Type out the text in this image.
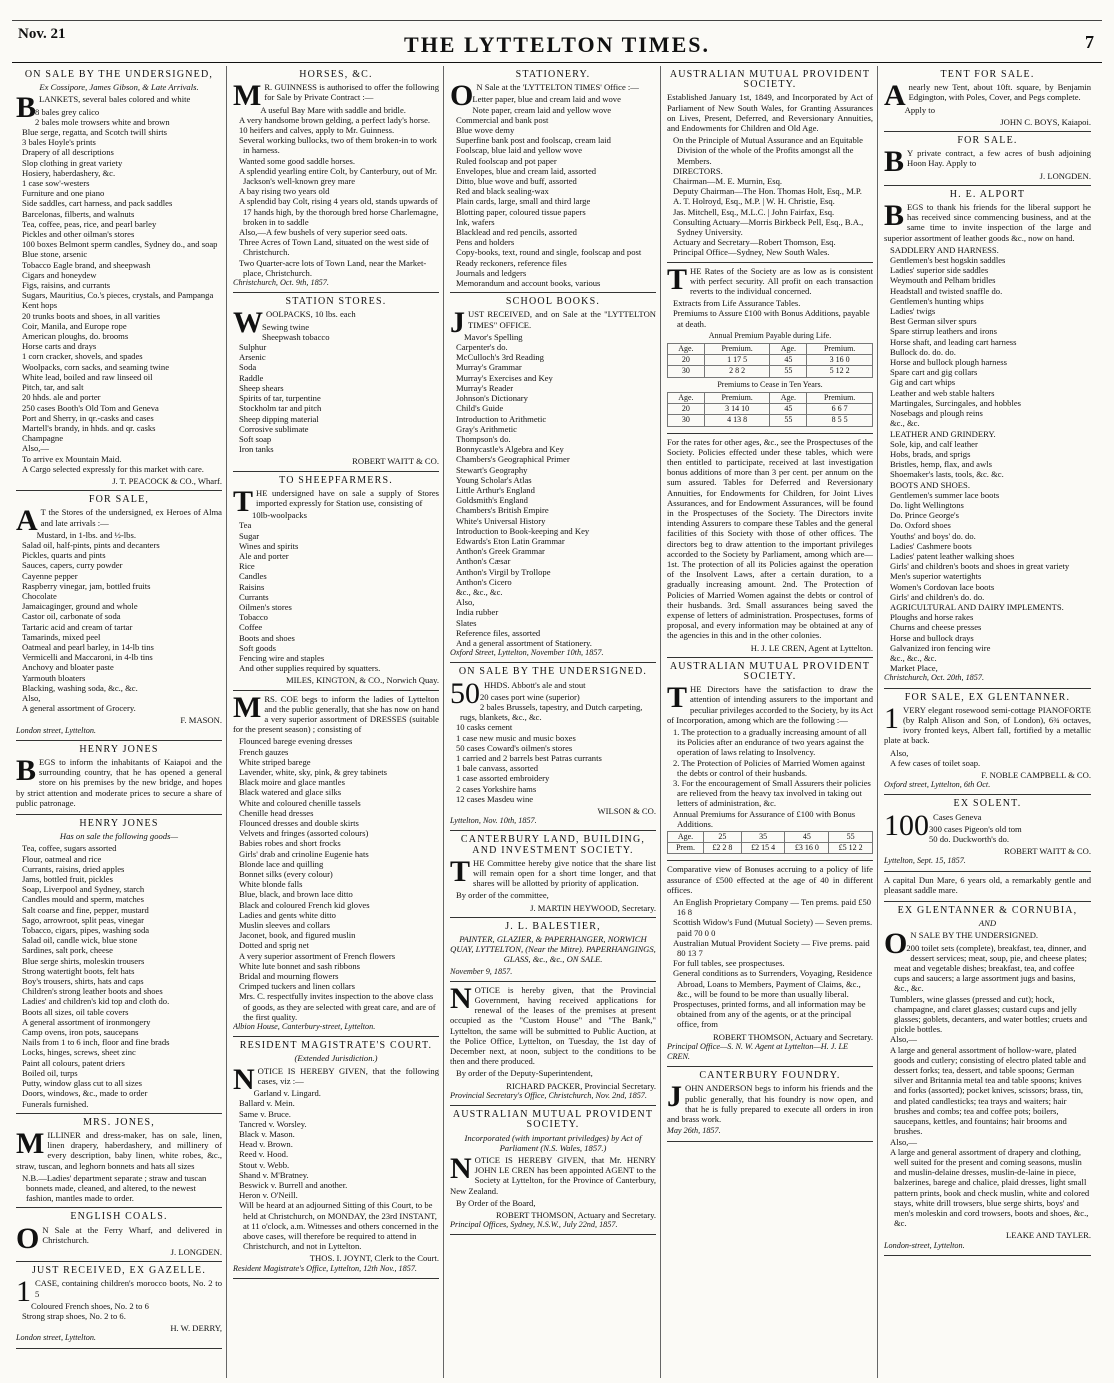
Nov. 21	THE LYTTELTON TIMES.	7
ON SALE BY THE UNDERSIGNED,
Ex Cossipore, James Gibson, & Late Arrivals.

BLANKETS, several bales colored and white

8 bales grey calico
2 bales mole trowsers white and brown
Blue serge, regatta, and Scotch twill shirts
3 bales Hoyle's prints
Drapery of all descriptions
Slop clothing in great variety
Hosiery, haberdashery, &c.
1 case sow'-westers
Furniture and one piano
Side saddles, cart harness, and pack saddles
Barcelonas, filberts, and walnuts
Tea, coffee, peas, rice, and pearl barley
Pickles and other oilman's stores
100 boxes Belmont sperm candles, Sydney do., and soap
Blue stone, arsenic
Tobacco Eagle brand, and sheepwash
Cigars and honeydew
Figs, raisins, and currants
Sugars, Mauritius, Co.'s pieces, crystals, and Pampanga
Kent hops
20 trunks boots and shoes, in all varities
Coir, Manila, and Europe rope
American ploughs, do. brooms
Horse carts and drays
1 corn cracker, shovels, and spades
Woolpacks, corn sacks, and seaming twine
White lead, boiled and raw linseed oil
Pitch, tar, and salt
20 hhds. ale and porter
250 cases Booth's Old Tom and Geneva
Port and Sherry, in qr.-casks and cases
Martell's brandy, in hhds. and qr. casks
Champagne
Also,—
To arrive ex Mountain Maid.
A Cargo selected expressly for this market with care.
J. T. PEACOCK & CO., Wharf.
FOR SALE,

A T the Stores of the undersigned, ex Heroes of Alma and late arrivals :—

Mustard, in 1-lbs. and ½-lbs.
Salad oil, half-pints, pints and decanters
Pickles, quarts and pints
Sauces, capers, curry powder
Cayenne pepper
Raspberry vinegar, jam, bottled fruits
Chocolate
Jamaicaginger, ground and whole
Castor oil, carbonate of soda
Tartaric acid and cream of tartar
Tamarinds, mixed peel
Oatmeal and pearl barley, in 14-lb tins
Vermicelli and Maccaroni, in 4-lb tins
Anchovy and bloater paste
Yarmouth bloaters
Blacking, washing soda, &c., &c.
Also,
A general assortment of Grocery.
F. MASON.
London street, Lyttelton.
HENRY JONES

BEGS to inform the inhabitants of Kaiapoi and the surrounding country, that he has opened a general store on his premises by the new bridge, and hopes by strict attention and moderate prices to secure a share of public patronage.

HENRY JONES
Has on sale the following goods—
Tea, coffee, sugars assorted
Flour, oatmeal and rice
Currants, raisins, dried apples
Jams, bottled fruit, pickles
Soap, Liverpool and Sydney, starch
Candles mould and sperm, matches
Salt coarse and fine, pepper, mustard
Sago, arrowroot, split peas, vinegar
Tobacco, cigars, pipes, washing soda
Salad oil, candle wick, blue stone
Sardines, salt pork, cheese
Blue serge shirts, moleskin trousers
Strong watertight boots, felt hats
Boy's trousers, shirts, hats and caps
Children's strong leather boots and shoes
Ladies' and children's kid top and cloth do.
Boots all sizes, oil table covers
A general assortment of ironmongery
Camp ovens, iron pots, saucepans
Nails from 1 to 6 inch, floor and fine brads
Locks, hinges, screws, sheet zinc
Paint all colours, patent driers
Boiled oil, turps
Putty, window glass cut to all sizes
Doors, windows, &c., made to order
Funerals furnished.
MRS. JONES,

MILLINER and dress-maker, has on sale, linen, linen drapery, haberdashery, and millinery of every description, baby linen, white robes, &c., straw, tuscan, and leghorn bonnets and hats all sizes

N.B.—Ladies' department separate ; straw and tuscan bonnets made, cleaned, and altered, to the newest fashion, mantles made to order.
ENGLISH COALS.

O N Sale at the Ferry Wharf, and delivered in Christchurch.

J. LONGDEN.
JUST RECEIVED, EX GAZELLE.

1 CASE, containing children's morocco boots, No. 2 to 5

Coloured French shoes, No. 2 to 6
Strong strap shoes, No. 2 to 6.
H. W. DERRY,
London street, Lyttelton.
HORSES, &C.

M R. GUINNESS is authorised to offer the following for Sale by Private Contract :—

A useful Bay Mare with saddle and bridle.
A very handsome brown gelding, a perfect lady's horse.
10 heifers and calves, apply to Mr. Guinness.
Several working bullocks, two of them broken-in to work in harness.
Wanted some good saddle horses.
A splendid yearling entire Colt, by Canterbury, out of Mr. Jackson's well-known grey mare
A bay rising two years old
A splendid bay Colt, rising 4 years old, stands upwards of 17 hands high, by the thorough bred horse Charlemagne, broken in to saddle
Also,—A few bushels of very superior seed oats.
Three Acres of Town Land, situated on the west side of Christchurch.
Two Quarter-acre lots of Town Land, near the Market-place, Christchurch.
Christchurch, Oct. 9th, 1857.
STATION STORES.

WOOLPACKS, 10 lbs. each

Sewing twine
Sheepwash tobacco
Sulphur
Arsenic
Soda
Raddle
Sheep shears
Spirits of tar, turpentine
Stockholm tar and pitch
Sheep dipping material
Corrosive sublimate
Soft soap
Iron tanks
ROBERT WAITT & CO.
TO SHEEPFARMERS.

THE undersigned have on sale a supply of Stores imported expressly for Station use, consisting of

10lb-woolpacks
Tea
Sugar
Wines and spirits
Ale and porter
Rice
Candles
Raisins
Currants
Oilmen's stores
Tobacco
Coffee
Boots and shoes
Soft goods
Fencing wire and staples
And other supplies required by squatters.
MILES, KINGTON, & CO., Norwich Quay.

MRS. COE begs to inform the ladies of Lyttelton and the public generally, that she has now on hand a very superior assortment of DRESSES (suitable for the present season) ; consisting of

Flounced barege evening dresses
French gauzes
White striped barege
Lavender, white, sky, pink, & grey tabinets
Black moire and glace mantles
Black watered and glace silks
White and coloured chenille tassels
Chenille head dresses
Flounced dresses and double skirts
Velvets and fringes (assorted colours)
Babies robes and short frocks
Girls' drab and crinoline Eugenie hats
Blonde lace and quilling
Bonnet silks (every colour)
White blonde falls
Blue, black, and brown lace ditto
Black and coloured French kid gloves
Ladies and gents white ditto
Muslin sleeves and collars
Jaconet, book, and figured muslin
Dotted and sprig net
A very superior assortment of French flowers
White lute bonnet and sash ribbons
Bridal and mourning flowers
Crimped tuckers and linen collars
Mrs. C. respectfully invites inspection to the above class of goods, as they are selected with great care, and are of the first quality.
Albion House, Canterbury-street, Lyttelton.
RESIDENT MAGISTRATE'S COURT.
(Extended Jurisdiction.)

NOTICE IS HEREBY GIVEN, that the following cases, viz :—

Garland v. Lingard.
Ballard v. Mein.
Same v. Bruce.
Tancred v. Worsley.
Black v. Mason.
Head v. Brown.
Reed v. Hood.
Stout v. Webb.
Shand v. M'Bratney.
Beswick v. Burrell and another.
Heron v. O'Neill.
Will be heard at an adjourned Sitting of this Court, to be held at Christchurch, on MONDAY, the 23rd INSTANT, at 11 o'clock, a.m. Witnesses and others concerned in the above cases, will therefore be required to attend in Christchurch, and not in Lyttelton.
THOS. I. JOYNT, Clerk to the Court.
Resident Magistrate's Office, Lyttelton, 12th Nov., 1857.
STATIONERY.

O N Sale at the 'LYTTELTON TIMES' Office :—

Letter paper, blue and cream laid and wove
Note paper, cream laid and yellow wove
Commercial and bank post
Blue wove demy
Superfine bank post and foolscap, cream laid
Foolscap, blue laid and yellow wove
Ruled foolscap and pot paper
Envelopes, blue and cream laid, assorted
Ditto, blue wove and buff, assorted
Red and black sealing-wax
Plain cards, large, small and third large
Blotting paper, coloured tissue papers
Ink, wafers
Blacklead and red pencils, assorted
Pens and holders
Copy-books, text, round and single, foolscap and post
Ready reckoners, reference files
Journals and ledgers
Memorandum and account books, various
SCHOOL BOOKS.

JUST RECEIVED, and on Sale at the "LYTTELTON TIMES" OFFICE.

Mavor's Spelling
Carpenter's do.
McCulloch's 3rd Reading
Murray's Grammar
Murray's Exercises and Key
Murray's Reader
Johnson's Dictionary
Child's Guide
Introduction to Arithmetic
Gray's Arithmetic
Thompson's do.
Bonnycastle's Algebra and Key
Chambers's Geographical Primer
Stewart's Geography
Young Scholar's Atlas
Little Arthur's England
Goldsmith's England
Chambers's British Empire
White's Universal History
Introduction to Book-keeping and Key
Edwards's Eton Latin Grammar
Anthon's Greek Grammar
Anthon's Cæsar
Anthon's Virgil by Trollope
Anthon's Cicero
&c., &c., &c.
Also,
India rubber
Slates
Reference files, assorted
And a general assortment of Stationery.
Oxford Street, Lyttelton, November 10th, 1857.
ON SALE BY THE UNDERSIGNED.

50 HHDS. Abbott's ale and stout

20 cases port wine (superior)
2 bales Brussels, tapestry, and Dutch carpeting, rugs, blankets, &c., &c.
10 casks cement
1 case new music and music boxes
50 cases Coward's oilmen's stores
1 carried and 2 barrels best Patras currants
1 bale canvass, assorted
1 case assorted embroidery
2 cases Yorkshire hams
12 cases Masdeu wine
WILSON & CO.
Lyttelton, Nov. 10th, 1857.
CANTERBURY LAND, BUILDING, AND INVESTMENT SOCIETY.

THE Committee hereby give notice that the share list will remain open for a short time longer, and that shares will be allotted by priority of application.

By order of the committee,
J. MARTIN HEYWOOD, Secretary.
J. L. BALESTIER,
PAINTER, GLAZIER, & PAPERHANGER, NORWICH QUAY, LYTTELTON, (Near the Mitre). PAPERHANGINGS, GLASS, &c., &c., ON SALE.
November 9, 1857.

NOTICE is hereby given, that the Provincial Government, having received applications for renewal of the leases of the premises at present occupied as the "Custom House" and "The Bank," Lyttelton, the same will be submitted to Public Auction, at the Police Office, Lyttelton, on Tuesday, the 1st day of December next, at noon, subject to the conditions to be then and there produced.

By order of the Deputy-Superintendent,
RICHARD PACKER, Provincial Secretary.
Provincial Secretary's Office, Christchurch, Nov. 2nd, 1857.
AUSTRALIAN MUTUAL PROVIDENT SOCIETY.
Incorporated (with important priviledges) by Act of Parliament (N.S. Wales, 1857.)

NOTICE IS HEREBY GIVEN, that Mr. HENRY JOHN LE CREN has been appointed AGENT to the Society at Lyttelton, for the Province of Canterbury, New Zealand.

By Order of the Board,
ROBERT THOMSON, Actuary and Secretary.
Principal Offices, Sydney, N.S.W., July 22nd, 1857.
AUSTRALIAN MUTUAL PROVIDENT SOCIETY.

Established January 1st, 1849, and Incorporated by Act of Parliament of New South Wales, for Granting Assurances on Lives, Present, Deferred, and Reversionary Annuities, and Endowments for Children and Old Age.

On the Principle of Mutual Assurance and an Equitable Division of the whole of the Profits amongst all the Members.
DIRECTORS.
Chairman—M. E. Murnin, Esq.
Deputy Chairman—The Hon. Thomas Holt, Esq., M.P.
A. T. Holroyd, Esq., M.P. | W. H. Christie, Esq.
Jas. Mitchell, Esq., M.L.C. | John Fairfax, Esq.
Consulting Actuary—Morris Birkbeck Pell, Esq., B.A., Sydney University.
Actuary and Secretary—Robert Thomson, Esq.
Principal Office—Sydney, New South Wales.

THE Rates of the Society are as low as is consistent with perfect security. All profit on each transaction reverts to the individual concerned.

Extracts from Life Assurance Tables.
Premiums to Assure £100 with Bonus Additions, payable at death.
Annual Premium Payable during Life.
Age.	Premium.	Age.	Premium.
20	1 17 5	45	3 16 0
30	2 8 2	55	5 12 2
Premiums to Cease in Ten Years.
Age.	Premium.	Age.	Premium.
20	3 14 10	45	6 6 7
30	4 13 8	55	8 5 5

For the rates for other ages, &c., see the Prospectuses of the Society. Policies effected under these tables, which were then entitled to participate, received at last investigation bonus additions of more than 3 per cent. per annum on the sum assured. Tables for Deferred and Reversionary Annuities, for Endowments for Children, for Joint Lives Assurances, and for Endowment Assurances, will be found in the Prospectuses of the Society. The Directors invite intending Assurers to compare these Tables and the general facilities of this Society with those of other offices. The directors beg to draw attention to the important privileges accorded to the Society by Parliament, among which are—1st. The protection of all its Policies against the operation of the Insolvent Laws, after a certain duration, to a gradually increasing amount. 2nd. The Protection of Policies of Married Women against the debts or control of their husbands. 3rd. Small assurances being saved the expense of letters of administration. Prospectuses, forms of proposal, and every information may be obtained at any of the agencies in this and in the other colonies.

H. J. LE CREN, Agent at Lyttelton.
AUSTRALIAN MUTUAL PROVIDENT SOCIETY.

THE Directors have the satisfaction to draw the attention of intending assurers to the important and peculiar privileges accorded to the Society, by its Act of Incorporation, among which are the following :—

1. The protection to a gradually increasing amount of all its Policies after an endurance of two years against the operation of laws relating to Insolvency.
2. The Protection of Policies of Married Women against the debts or control of their husbands.
3. For the encouragement of Small Assurers their policies are relieved from the heavy tax involved in taking out letters of administration, &c.
Annual Premiums for Assurance of £100 with Bonus Additions.
Age.	25	35	45	55
Prem.	£2 2 8	£2 15 4	£3 16 0	£5 12 2

Comparative view of Bonuses accruing to a policy of life assurance of £500 effected at the age of 40 in different offices.

An English Proprietary Company — Ten prems. paid £50 16 8
Scottish Widow's Fund (Mutual Society) — Seven prems. paid 70 0 0
Australian Mutual Provident Society — Five prems. paid 80 13 7
For full tables, see prospectuses.
General conditions as to Surrenders, Voyaging, Residence Abroad, Loans to Members, Payment of Claims, &c., &c., will be found to be more than usually liberal.
Prospectuses, printed forms, and all information may be obtained from any of the agents, or at the principal office, from
ROBERT THOMSON, Actuary and Secretary.
Principal Office—S. N. W. Agent at Lyttelton—H. J. LE CREN.
CANTERBURY FOUNDRY.

JOHN ANDERSON begs to inform his friends and the public generally, that his foundry is now open, and that he is fully prepared to execute all orders in iron and brass work.

May 26th, 1857.
TENT FOR SALE.

Anearly new Tent, about 10ft. square, by Benjamin Edgington, with Poles, Cover, and Pegs complete.

Apply to
JOHN C. BOYS, Kaiapoi.
FOR SALE.

B Y private contract, a few acres of bush adjoining Hoon Hay. Apply to

J. LONGDEN.
H. E. ALPORT

BEGS to thank his friends for the liberal support he has received since commencing business, and at the same time to invite inspection of the large and superior assortment of leather goods &c., now on hand.

SADDLERY AND HARNESS.
Gentlemen's best hogskin saddles
Ladies' superior side saddles
Weymouth and Pelham bridles
Headstall and twisted snaffle do.
Gentlemen's hunting whips
Ladies' twigs
Best German silver spurs
Spare stirrup leathers and irons
Horse shaft, and leading cart harness
Bullock do. do. do.
Horse and bullock plough harness
Spare cart and gig collars
Gig and cart whips
Leather and web stable halters
Martingales, Surcingales, and hobbles
Nosebags and plough reins
&c., &c.
LEATHER AND GRINDERY.
Sole, kip, and calf leather
Hobs, brads, and sprigs
Bristles, hemp, flax, and awls
Shoemaker's lasts, tools, &c. &c.
BOOTS AND SHOES.
Gentlemen's summer lace boots
Do. light Wellingtons
Do. Prince George's
Do. Oxford shoes
Youths' and boys' do. do.
Ladies' Cashmere boots
Ladies' patent leather walking shoes
Girls' and children's boots and shoes in great variety
Men's superior watertights
Women's Cordovan lace boots
Girls' and children's do. do.
AGRICULTURAL AND DAIRY IMPLEMENTS.
Ploughs and horse rakes
Churns and cheese presses
Horse and bullock drays
Galvanized iron fencing wire
&c., &c., &c.
Market Place,
Christchurch, Oct. 20th, 1857.
FOR SALE, EX GLENTANNER.

1 VERY elegant rosewood semi-cottage PIANOFORTE (by Ralph Alison and Son, of London), 6¾ octaves, ivory fronted keys, Albert fall, fortified by a metallic plate at back.

Also,
A few cases of toilet soap.
F. NOBLE CAMPBELL & CO.
Oxford street, Lyttelton, 6th Oct.
EX SOLENT.

100 Cases Geneva

300 cases Pigeon's old tom
50 do. Duckworth's do.
ROBERT WAITT & CO.
Lyttelton, Sept. 15, 1857.

A capital Dun Mare, 6 years old, a remarkably gentle and pleasant saddle mare.

EX GLENTANNER & CORNUBIA,
AND

O N SALE BY THE UNDERSIGNED.

200 toilet sets (complete), breakfast, tea, dinner, and dessert services; meat, soup, pie, and cheese plates; meat and vegetable dishes; breakfast, tea, and coffee cups and saucers; a large assortment jugs and basins, &c., &c.
Tumblers, wine glasses (pressed and cut); hock, champagne, and claret glasses; custard cups and jelly glasses; goblets, decanters, and water bottles; cruets and pickle bottles.
Also,—
A large and general assortment of hollow-ware, plated goods and cutlery; consisting of electro plated table and dessert forks; tea, dessert, and table spoons; German silver and Britannia metal tea and table spoons; knives and forks (assorted); pocket knives, scissors; brass, tin, and plated candlesticks; tea trays and waiters; hair brushes and combs; tea and coffee pots; boilers, saucepans, kettles, and fountains; hair brooms and brushes.
Also,—
A large and general assortment of drapery and clothing, well suited for the present and coming seasons, muslin and muslin-delaine dresses, muslin-de-laine in piece, balzerines, barege and chalice, plaid dresses, light small pattern prints, book and check muslin, white and colored stays, white drill trowsers, blue serge shirts, boys' and men's moleskin and cord trowsers, boots and shoes, &c., &c.
LEAKE AND TAYLER.
London-street, Lyttelton.
